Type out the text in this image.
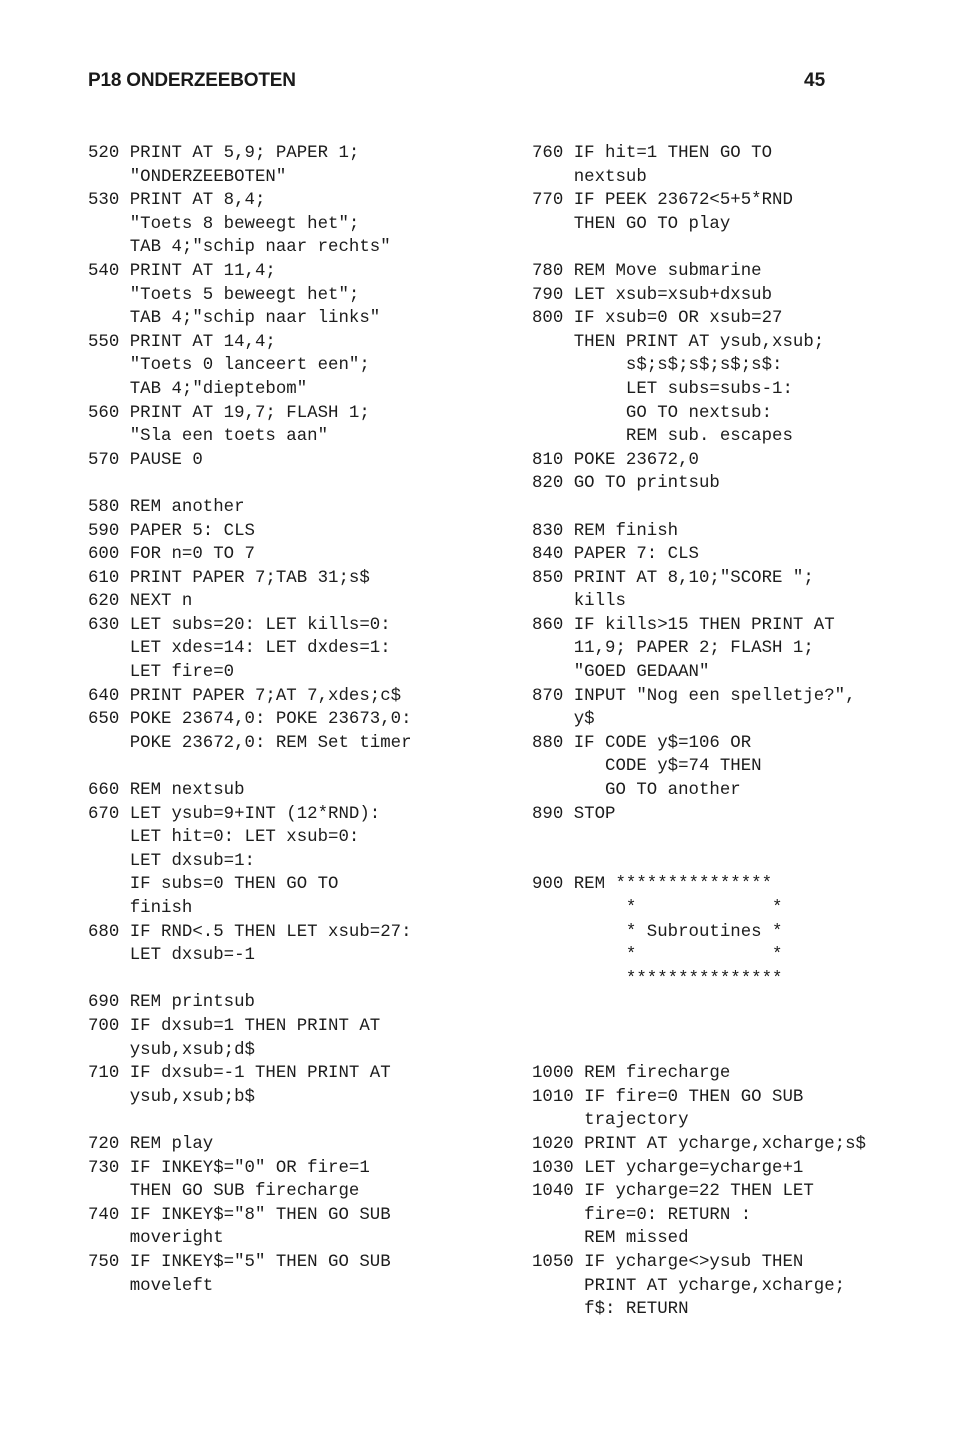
P18 ONDERZEEBOTEN	45
520 PRINT AT 5,9; PAPER 1;
"ONDERZEEBOTEN"
530 PRINT AT 8,4;
"Toets 8 beweegt het";
TAB 4;"schip naar rechts"
540 PRINT AT 11,4;
"Toets 5 beweegt het";
TAB 4;"schip naar links"
550 PRINT AT 14,4;
"Toets 0 lanceert een";
TAB 4;"dieptebom"
560 PRINT AT 19,7; FLASH 1;
"Sla een toets aan"
570 PAUSE 0
580 REM another
590 PAPER 5: CLS
600 FOR n=0 TO 7
610 PRINT PAPER 7;TAB 31;s$
620 NEXT n
630 LET subs=20: LET kills=0:
LET xdes=14: LET dxdes=1:
LET fire=0
640 PRINT PAPER 7;AT 7,xdes;c$
650 POKE 23674,0: POKE 23673,0:
POKE 23672,0: REM Set timer
660 REM nextsub
670 LET ysub=9+INT (12*RND):
LET hit=0: LET xsub=0:
LET dxsub=1:
IF subs=0 THEN GO TO
finish
680 IF RND<.5 THEN LET xsub=27:
LET dxsub=-1
690 REM printsub
700 IF dxsub=1 THEN PRINT AT
ysub,xsub;d$
710 IF dxsub=-1 THEN PRINT AT
ysub,xsub;b$
720 REM play
730 IF INKEY$="0" OR fire=1
THEN GO SUB firecharge
740 IF INKEY$="8" THEN GO SUB
moveright
750 IF INKEY$="5" THEN GO SUB
moveleft
760 IF hit=1 THEN GO TO
nextsub
770 IF PEEK 23672<5+5*RND
THEN GO TO play
780 REM Move submarine
790 LET xsub=xsub+dxsub
800 IF xsub=0 OR xsub=27
THEN PRINT AT ysub,xsub;
s$;s$;s$;s$;s$:
LET subs=subs-1:
GO TO nextsub:
REM sub. escapes
810 POKE 23672,0
820 GO TO printsub
830 REM finish
840 PAPER 7: CLS
850 PRINT AT 8,10;"SCORE ";
kills
860 IF kills>15 THEN PRINT AT
11,9; PAPER 2; FLASH 1;
"GOED GEDAAN"
870 INPUT "Nog een spelletje?",
y$
880 IF CODE y$=106 OR
CODE y$=74 THEN
GO TO another
890 STOP
900 REM ***************
*             *
* Subroutines *
*             *
***************
1000 REM firecharge
1010 IF fire=0 THEN GO SUB
trajectory
1020 PRINT AT ycharge,xcharge;s$
1030 LET ycharge=ycharge+1
1040 IF ycharge=22 THEN LET
fire=0: RETURN :
REM missed
1050 IF ycharge<>ysub THEN
PRINT AT ycharge,xcharge;
f$: RETURN
